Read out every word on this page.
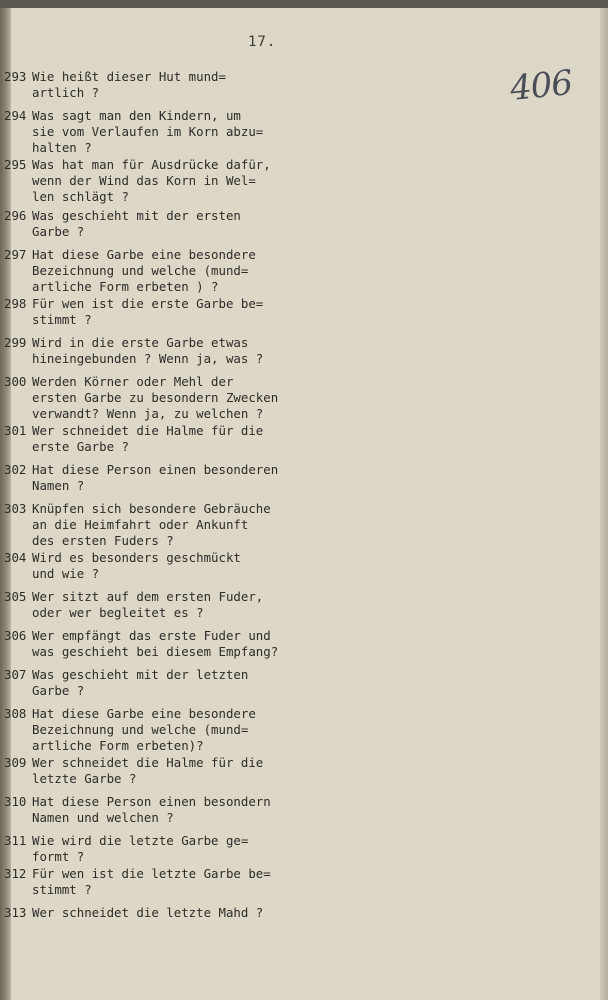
17.
406
293 Wie heißt dieser Hut mund=
artlich ?
294 Was sagt man den Kindern, um
sie vom Verlaufen im Korn abzu=
halten ?
295 Was hat man für Ausdrücke dafür,
wenn der Wind das Korn in Wel=
len schlägt ?
296 Was geschieht mit der ersten
Garbe ?
297 Hat diese Garbe eine besondere
Bezeichnung und welche (mund=
artliche Form erbeten ) ?
298 Für wen ist die erste Garbe be=
stimmt ?
299 Wird in die erste Garbe etwas
hineingebunden ? Wenn ja, was ?
300 Werden Körner oder Mehl der
ersten Garbe zu besondern Zwecken
verwandt? Wenn ja, zu welchen ?
301 Wer schneidet die Halme für die
erste Garbe ?
302 Hat diese Person einen besonderen
Namen ?
303 Knüpfen sich besondere Gebräuche
an die Heimfahrt oder Ankunft
des ersten Fuders ?
304 Wird es besonders geschmückt
und wie ?
305 Wer sitzt auf dem ersten Fuder,
oder wer begleitet es ?
306 Wer empfängt das erste Fuder und
was geschieht bei diesem Empfang?
307 Was geschieht mit der letzten
Garbe ?
308 Hat diese Garbe eine besondere
Bezeichnung und welche (mund=
artliche Form erbeten)?
309 Wer schneidet die Halme für die
letzte Garbe ?
310 Hat diese Person einen besondern
Namen und welchen ?
311 Wie wird die letzte Garbe ge=
formt ?
312 Für wen ist die letzte Garbe be=
stimmt ?
313 Wer schneidet die letzte Mahd ?
